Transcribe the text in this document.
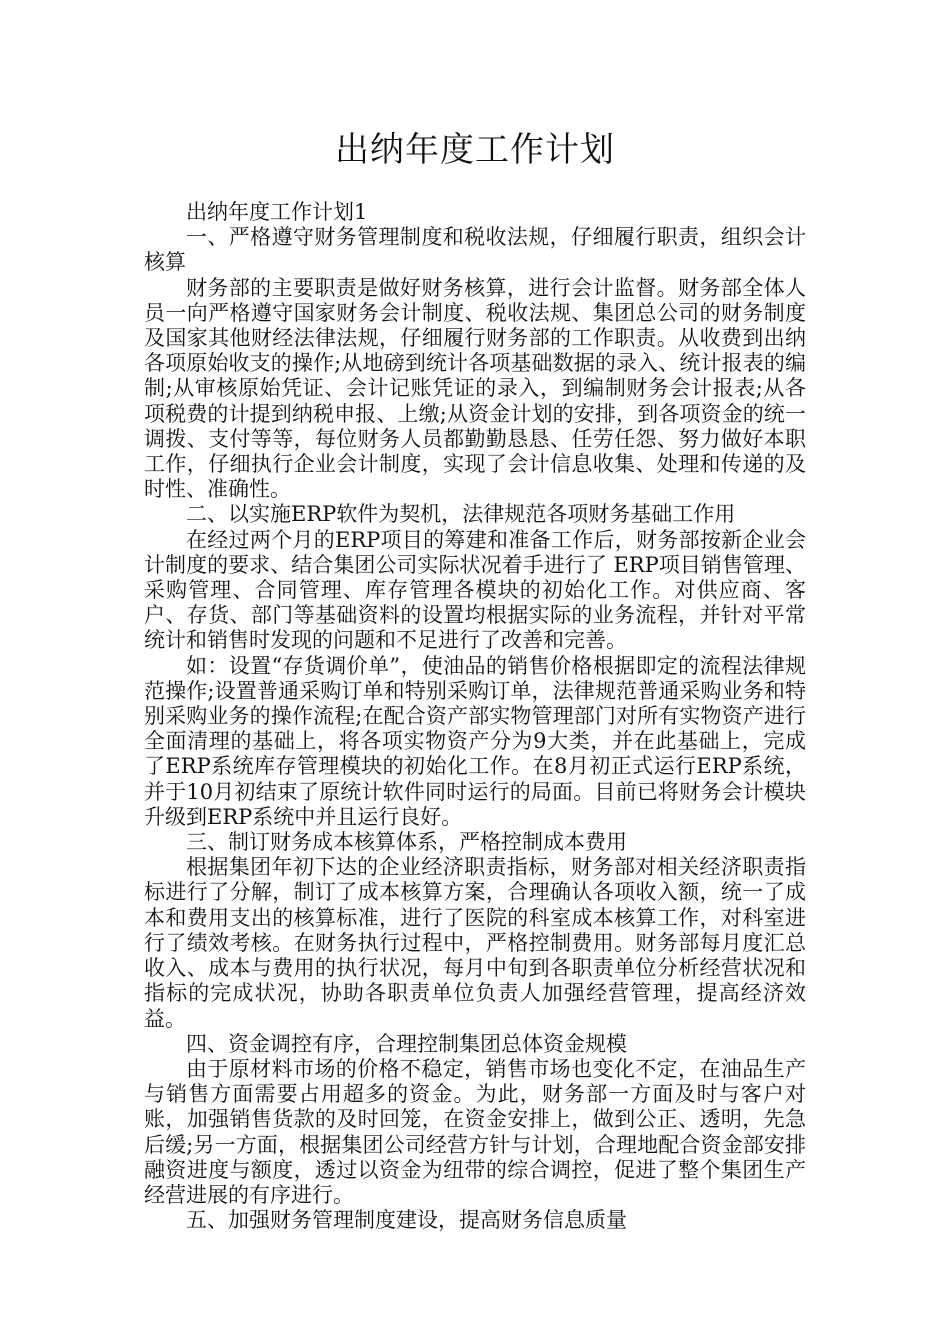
出纳年度工作计划

出纳年度工作计划1

一、严格遵守财务管理制度和税收法规，仔细履行职责，组织会计核算

财务部的主要职责是做好财务核算，进行会计监督。财务部全体人员一向严格遵守国家财务会计制度、税收法规、集团总公司的财务制度及国家其他财经法律法规，仔细履行财务部的工作职责。从收费到出纳各项原始收支的操作;从地磅到统计各项基础数据的录入、统计报表的编制;从审核原始凭证、会计记账凭证的录入，到编制财务会计报表;从各项税费的计提到纳税申报、上缴;从资金计划的安排，到各项资金的统一调拨、支付等等，每位财务人员都勤勤恳恳、任劳任怨、努力做好本职工作，仔细执行企业会计制度，实现了会计信息收集、处理和传递的及时性、准确性。

二、以实施ERP软件为契机，法律规范各项财务基础工作用

在经过两个月的ERP项目的筹建和准备工作后，财务部按新企业会计制度的要求、结合集团公司实际状况着手进行了 ERP项目销售管理、采购管理、合同管理、库存管理各模块的初始化工作。对供应商、客户、存货、部门等基础资料的设置均根据实际的业务流程，并针对平常统计和销售时发现的问题和不足进行了改善和完善。

如：设置“存货调价单”，使油品的销售价格根据即定的流程法律规范操作;设置普通采购订单和特别采购订单，法律规范普通采购业务和特别采购业务的操作流程;在配合资产部实物管理部门对所有实物资产进行全面清理的基础上，将各项实物资产分为9大类，并在此基础上，完成了ERP系统库存管理模块的初始化工作。在8月初正式运行ERP系统，并于10月初结束了原统计软件同时运行的局面。目前已将财务会计模块升级到ERP系统中并且运行良好。

三、制订财务成本核算体系，严格控制成本费用

根据集团年初下达的企业经济职责指标，财务部对相关经济职责指标进行了分解，制订了成本核算方案，合理确认各项收入额，统一了成本和费用支出的核算标准，进行了医院的科室成本核算工作，对科室进行了绩效考核。在财务执行过程中，严格控制费用。财务部每月度汇总收入、成本与费用的执行状况，每月中旬到各职责单位分析经营状况和指标的完成状况，协助各职责单位负责人加强经营管理，提高经济效益。

四、资金调控有序，合理控制集团总体资金规模

由于原材料市场的价格不稳定，销售市场也变化不定，在油品生产与销售方面需要占用超多的资金。为此，财务部一方面及时与客户对账，加强销售货款的及时回笼，在资金安排上，做到公正、透明，先急后缓;另一方面，根据集团公司经营方针与计划，合理地配合资金部安排融资进度与额度，透过以资金为纽带的综合调控，促进了整个集团生产经营进展的有序进行。

五、加强财务管理制度建设，提高财务信息质量
